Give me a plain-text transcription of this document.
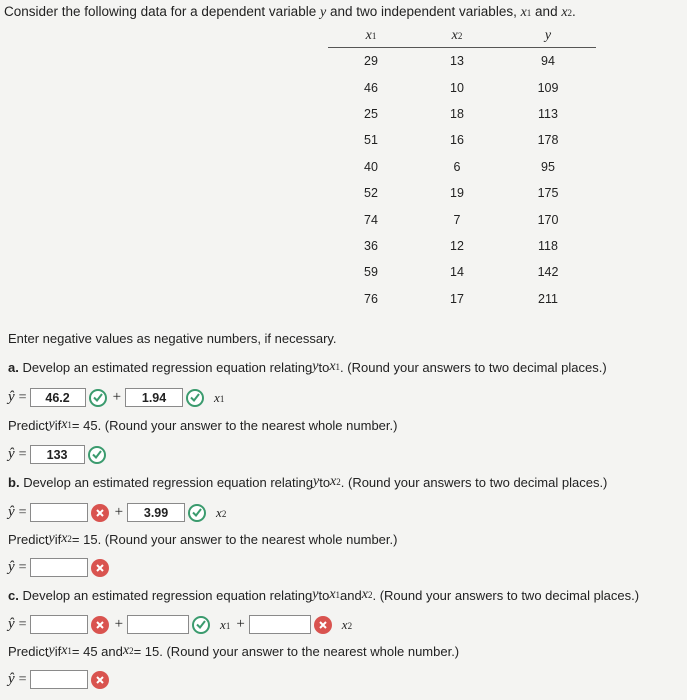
Consider the following data for a dependent variable y and two independent variables, x1 and x2.
x1	x2	y
29	13	94
46	10	109
25	18	113
51	16	178
40	6	95
52	19	175
74	7	170
36	12	118
59	14	142
76	17	211
Enter negative values as negative numbers, if necessary.
a.
Develop an estimated regression equation relating y to x1 . (Round your answers to two decimal places.)
ŷ =	46.2	+	1.94	x1
Predict y if x1 = 45. (Round your answer to the nearest whole number.)
ŷ =	133
b.
Develop an estimated regression equation relating y to x2 . (Round your answers to two decimal places.)
ŷ =	+	3.99	x2
Predict y if x2 = 15. (Round your answer to the nearest whole number.)
ŷ =
c.
Develop an estimated regression equation relating y to x1 and x2 . (Round your answers to two decimal places.)
ŷ =	+	x1 +	x2
Predict y if x1 = 45 and x2 = 15. (Round your answer to the nearest whole number.)
ŷ =
